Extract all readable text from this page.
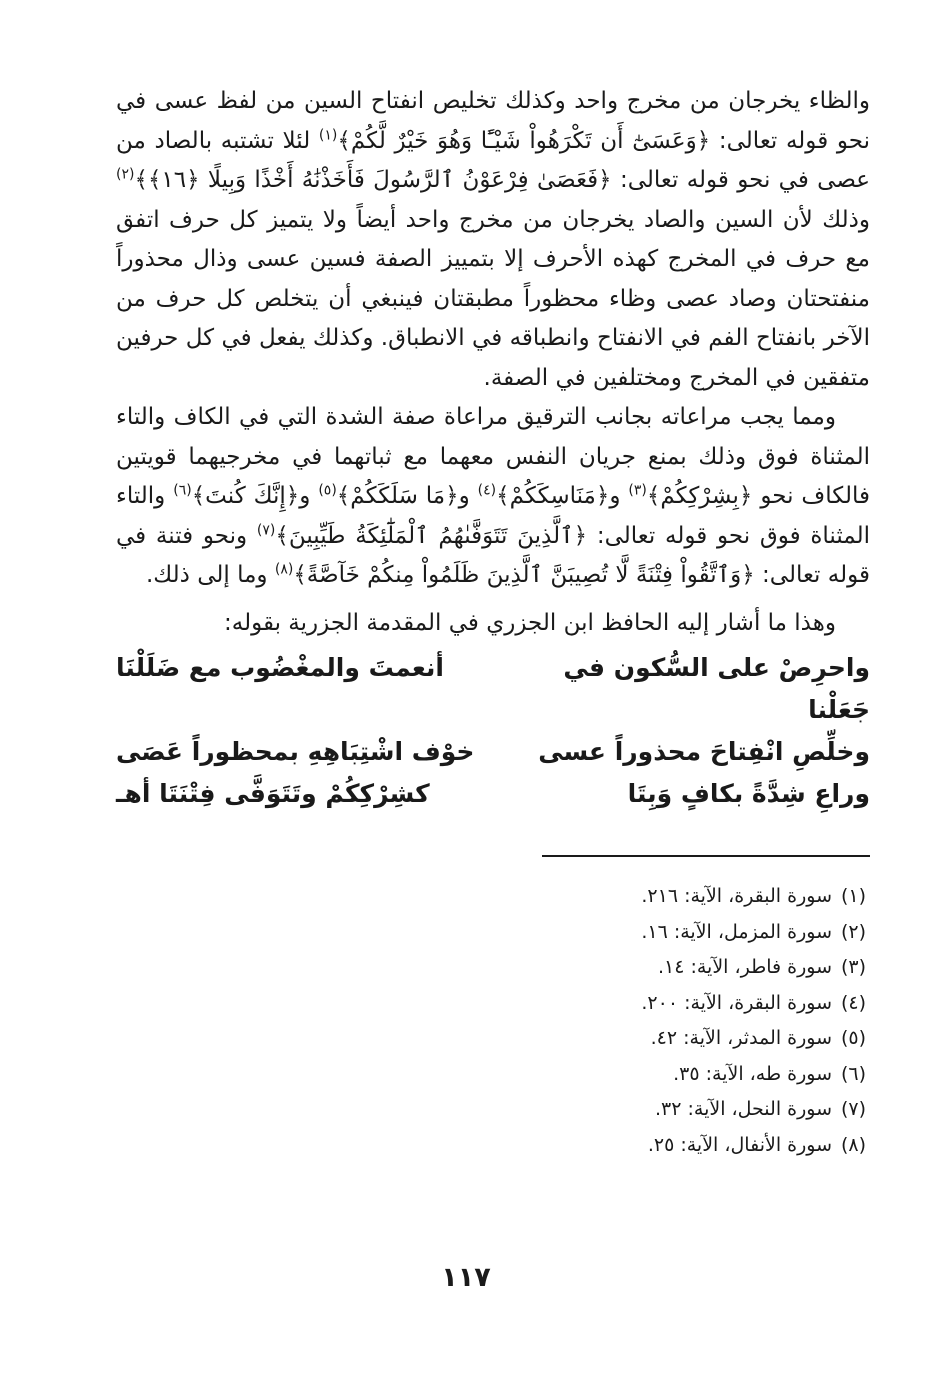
والظاء يخرجان من مخرج واحد وكذلك تخليص انفتاح السين من لفظ عسى في نحو قوله تعالى: ﴿وَعَسَىٰٓ أَن تَكْرَهُواْ شَيْـًٔا وَهُوَ خَيْرٌ لَّكُمْ﴾$^{(١)}$ لئلا تشتبه بالصاد من عصى في نحو قوله تعالى: ﴿فَعَصَىٰ فِرْعَوْنُ ٱلرَّسُولَ فَأَخَذْنَٰهُ أَخْذًا وَبِيلًا ﴿١٦﴾﴾$^{(٢)}$ وذلك لأن السين والصاد يخرجان من مخرج واحد أيضاً ولا يتميز كل حرف اتفق مع حرف في المخرج كهذه الأحرف إلا بتمييز الصفة فسين عسى وذال محذوراً منفتحتان وصاد عصى وظاء محظوراً مطبقتان فينبغي أن يتخلص كل حرف من الآخر بانفتاح الفم في الانفتاح وانطباقه في الانطباق. وكذلك يفعل في كل حرفين متفقين في المخرج ومختلفين في الصفة.

ومما يجب مراعاته بجانب الترقيق مراعاة صفة الشدة التي في الكاف والتاء المثناة فوق وذلك بمنع جريان النفس معهما مع ثباتهما في مخرجيهما قويتين فالكاف نحو ﴿بِشِرْكِكُمْ﴾$^{(٣)}$ و﴿مَنَاسِكَكُمْ﴾$^{(٤)}$ و﴿مَا سَلَكَكُمْ﴾$^{(٥)}$ و﴿إِنَّكَ كُنتَ﴾$^{(٦)}$ والتاء المثناة فوق نحو قوله تعالى: ﴿ٱلَّذِينَ تَتَوَفَّىٰهُمُ ٱلْمَلَٰٓئِكَةُ طَيِّبِينَ﴾$^{(٧)}$ ونحو فتنة في قوله تعالى: ﴿وَٱتَّقُواْ فِتْنَةً لَّا تُصِيبَنَّ ٱلَّذِينَ ظَلَمُواْ مِنكُمْ خَآصَّةً﴾$^{(٨)}$ وما إلى ذلك.

وهذا ما أشار إليه الحافظ ابن الجزري في المقدمة الجزرية بقوله:

واحرِصْ على السُّكون في جَعَلْنا
أنعمتَ والمغْضُوب مع ضَلَلْنَا
وخلِّصِ انْفِتاحَ محذوراً عسى
خوْف اشْتِبَاهِهِ بمحظوراً عَصَى
وراعِ شِدَّةً بكافٍ وَبِتَا
كشِرْكِكُمْ وتَتَوَفَّى فِتْنَتَا أهـ
(١)سورة البقرة، الآية: ٢١٦.
(٢)سورة المزمل، الآية: ١٦.
(٣)سورة فاطر، الآية: ١٤.
(٤)سورة البقرة، الآية: ٢٠٠.
(٥)سورة المدثر، الآية: ٤٢.
(٦)سورة طه، الآية: ٣٥.
(٧)سورة النحل، الآية: ٣٢.
(٨)سورة الأنفال، الآية: ٢٥.
١١٧
